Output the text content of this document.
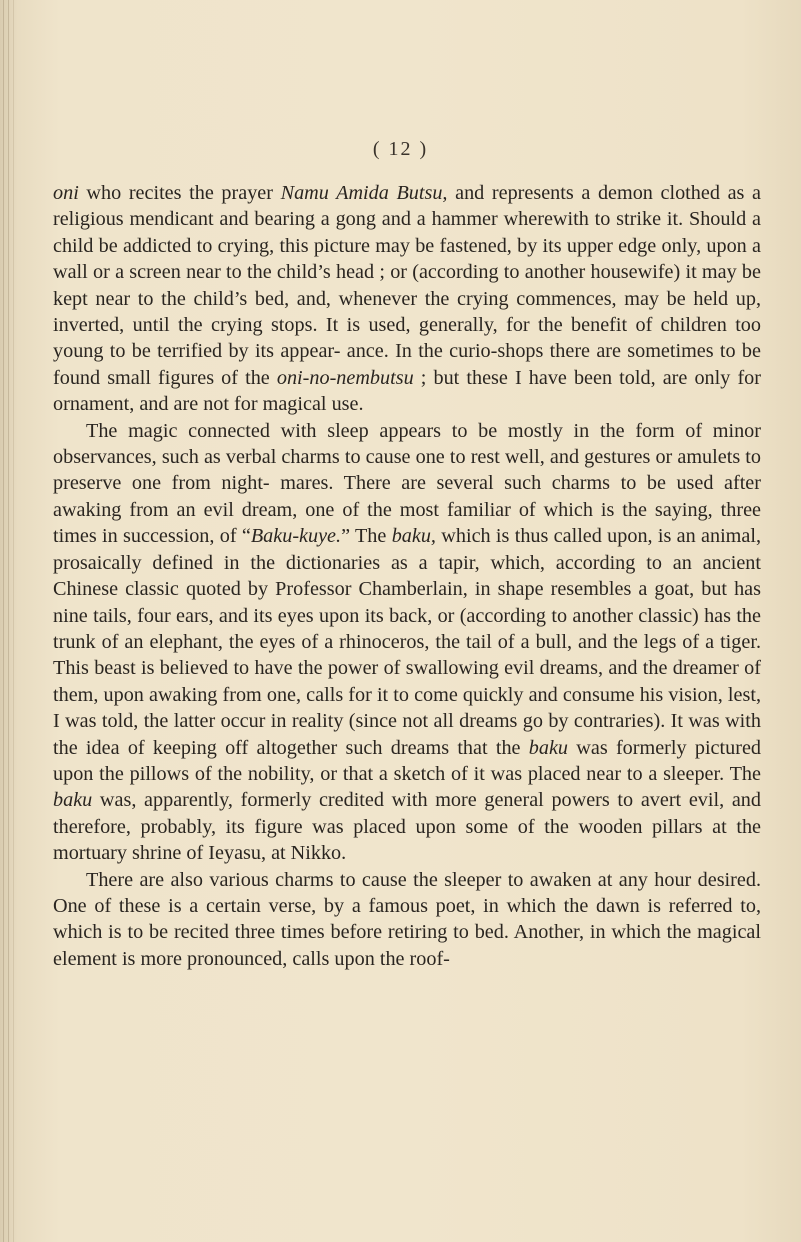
( 12 )

oni who recites the prayer Namu Amida Butsu, and represents a demon clothed as a religious mendicant and bearing a gong and a hammer wherewith to strike it. Should a child be addicted to crying, this picture may be fastened, by its upper edge only, upon a wall or a screen near to the child’s head ; or (according to another housewife) it may be kept near to the child’s bed, and, whenever the crying commences, may be held up, inverted, until the crying stops. It is used, generally, for the benefit of children too young to be terrified by its appear- ance. In the curio-shops there are sometimes to be found small figures of the oni-no-nembutsu ; but these I have been told, are only for ornament, and are not for magical use.

The magic connected with sleep appears to be mostly in the form of minor observances, such as verbal charms to cause one to rest well, and gestures or amulets to preserve one from night- mares. There are several such charms to be used after awaking from an evil dream, one of the most familiar of which is the saying, three times in succession, of “Baku-kuye.” The baku, which is thus called upon, is an animal, prosaically defined in the dictionaries as a tapir, which, according to an ancient Chinese classic quoted by Professor Chamberlain, in shape resembles a goat, but has nine tails, four ears, and its eyes upon its back, or (according to another classic) has the trunk of an elephant, the eyes of a rhinoceros, the tail of a bull, and the legs of a tiger. This beast is believed to have the power of swallowing evil dreams, and the dreamer of them, upon awaking from one, calls for it to come quickly and consume his vision, lest, I was told, the latter occur in reality (since not all dreams go by contraries). It was with the idea of keeping off altogether such dreams that the baku was formerly pictured upon the pillows of the nobility, or that a sketch of it was placed near to a sleeper. The baku was, apparently, formerly credited with more general powers to avert evil, and therefore, probably, its figure was placed upon some of the wooden pillars at the mortuary shrine of Ieyasu, at Nikko.

There are also various charms to cause the sleeper to awaken at any hour desired. One of these is a certain verse, by a famous poet, in which the dawn is referred to, which is to be recited three times before retiring to bed. Another, in which the magical element is more pronounced, calls upon the roof-
